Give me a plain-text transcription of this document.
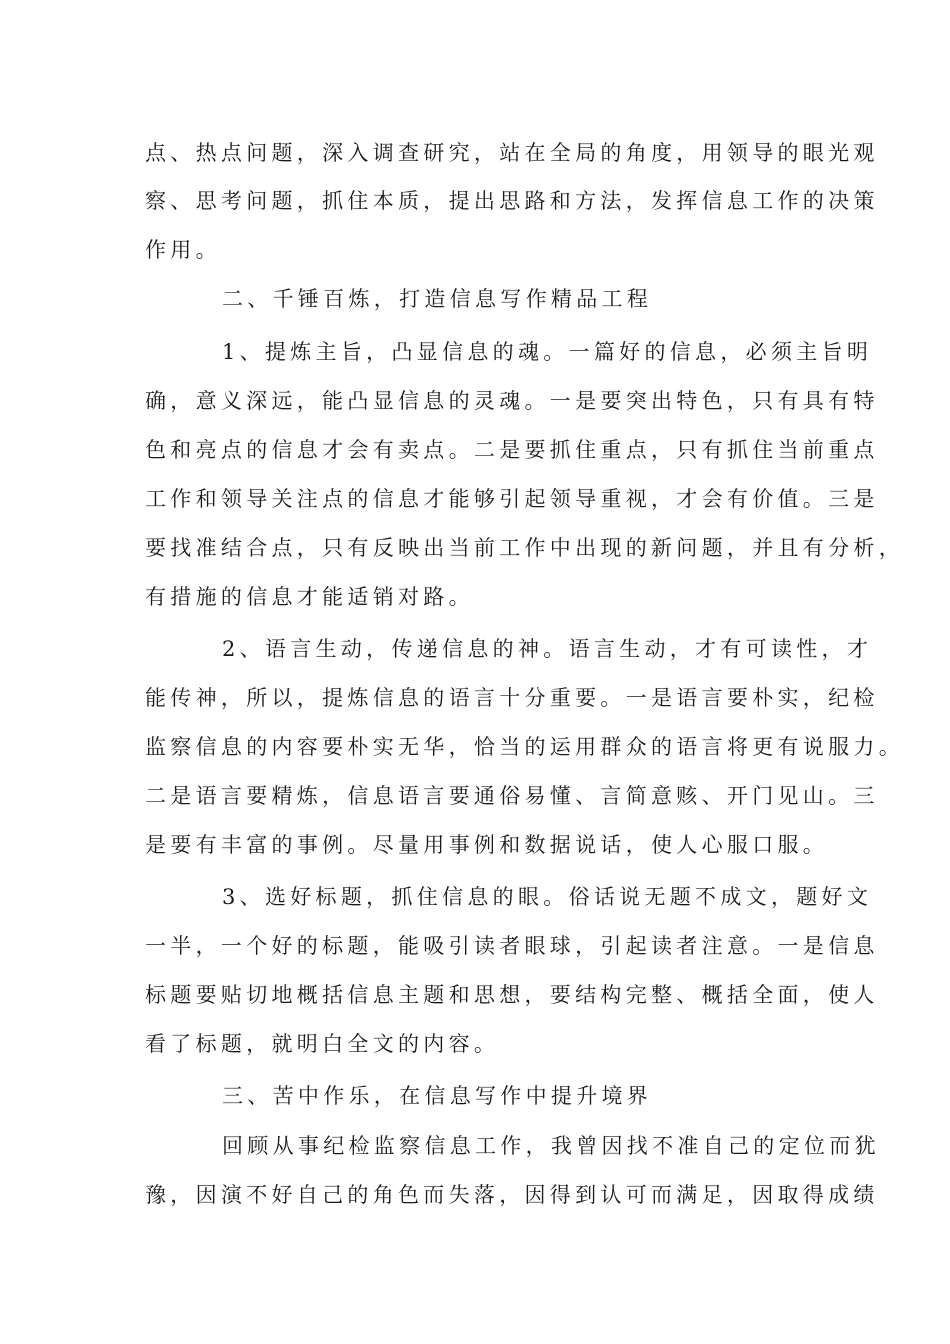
点、热点问题，深入调查研究，站在全局的角度，用领导的眼光观
察、思考问题，抓住本质，提出思路和方法，发挥信息工作的决策
作用。
二、千锤百炼，打造信息写作精品工程
1、提炼主旨，凸显信息的魂。一篇好的信息，必须主旨明
确，意义深远，能凸显信息的灵魂。一是要突出特色，只有具有特
色和亮点的信息才会有卖点。二是要抓住重点，只有抓住当前重点
工作和领导关注点的信息才能够引起领导重视，才会有价值。三是
要找准结合点，只有反映出当前工作中出现的新问题，并且有分析，
有措施的信息才能适销对路。
2、语言生动，传递信息的神。语言生动，才有可读性，才
能传神，所以，提炼信息的语言十分重要。一是语言要朴实，纪检
监察信息的内容要朴实无华，恰当的运用群众的语言将更有说服力。
二是语言要精炼，信息语言要通俗易懂、言简意赅、开门见山。三
是要有丰富的事例。尽量用事例和数据说话，使人心服口服。
3、选好标题，抓住信息的眼。俗话说无题不成文，题好文
一半，一个好的标题，能吸引读者眼球，引起读者注意。一是信息
标题要贴切地概括信息主题和思想，要结构完整、概括全面，使人
看了标题，就明白全文的内容。
三、苦中作乐，在信息写作中提升境界
回顾从事纪检监察信息工作，我曾因找不准自己的定位而犹
豫，因演不好自己的角色而失落，因得到认可而满足，因取得成绩
